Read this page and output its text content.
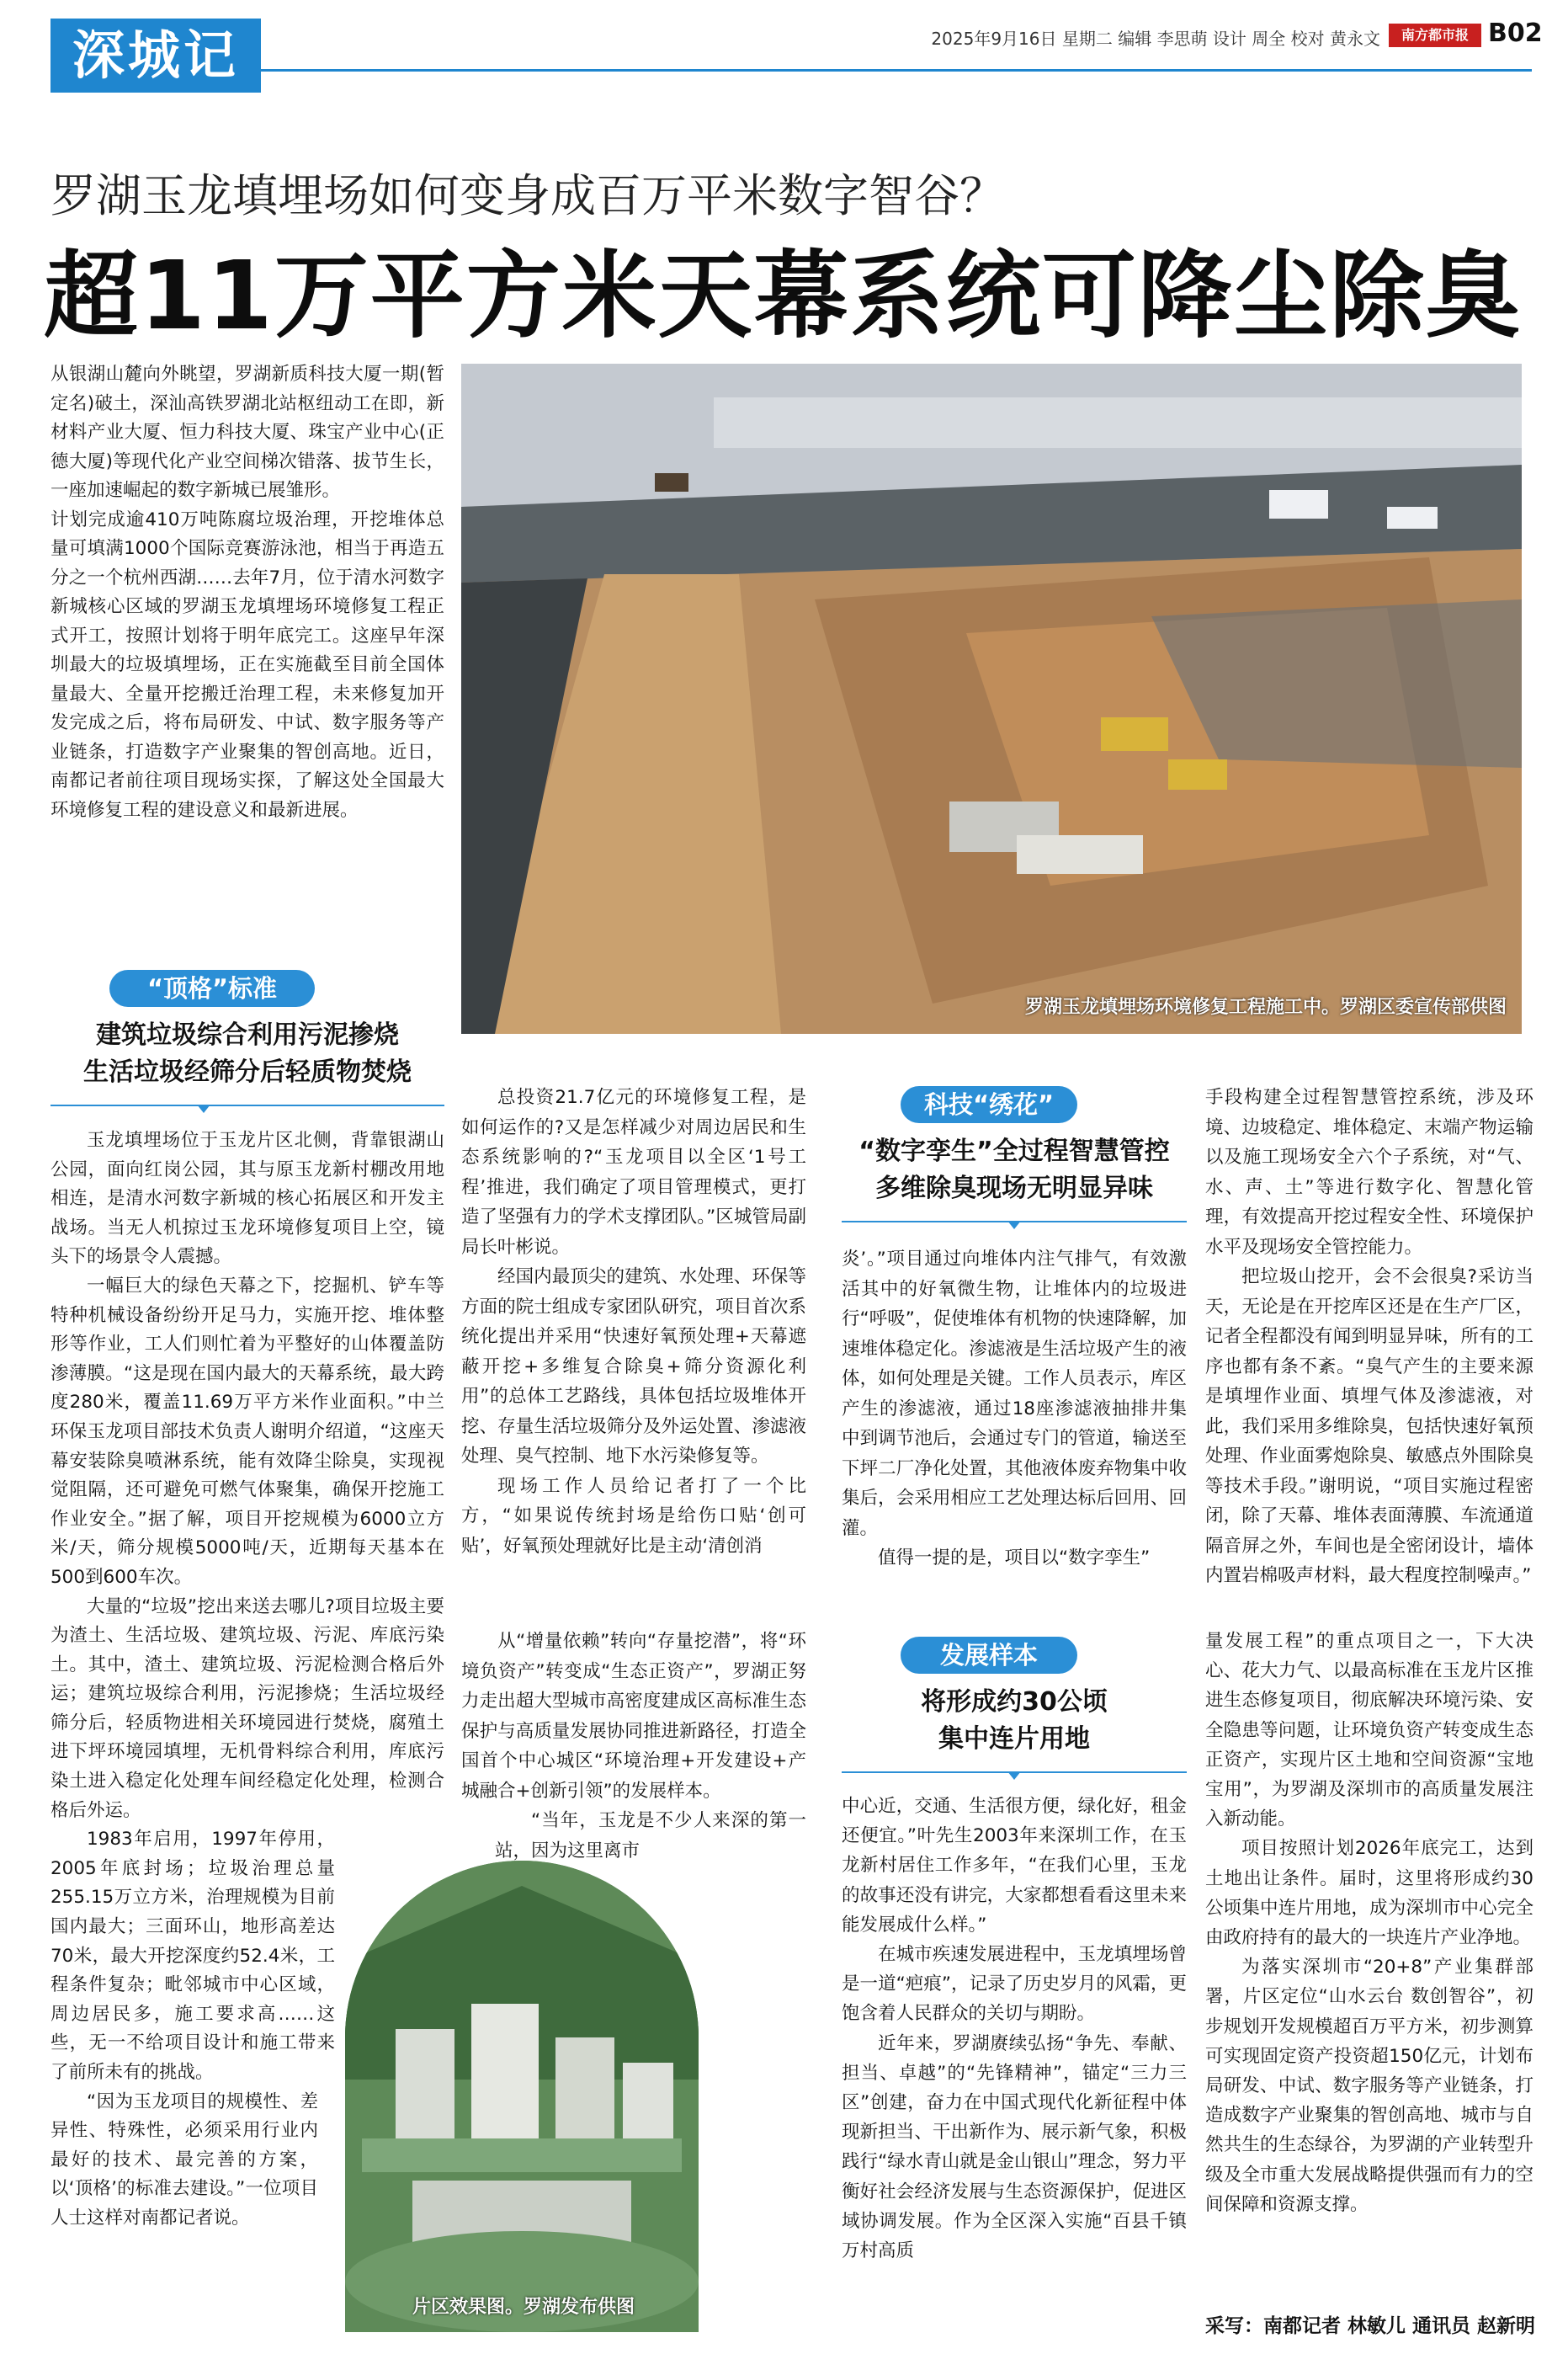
深城记	2025年9月16日 星期二 编辑 李思萌 设计 周全 校对 黄永文	南方都市报 B02
罗湖玉龙填埋场如何变身成百万平米数字智谷？
超11万平方米天幕系统可降尘除臭

从银湖山麓向外眺望，罗湖新质科技大厦一期(暂定名)破土，深汕高铁罗湖北站枢纽动工在即，新材料产业大厦、恒力科技大厦、珠宝产业中心(正德大厦)等现代化产业空间梯次错落、拔节生长，一座加速崛起的数字新城已展雏形。

计划完成逾410万吨陈腐垃圾治理，开挖堆体总量可填满1000个国际竞赛游泳池，相当于再造五分之一个杭州西湖……去年7月，位于清水河数字新城核心区域的罗湖玉龙填埋场环境修复工程正式开工，按照计划将于明年底完工。这座早年深圳最大的垃圾填埋场，正在实施截至目前全国体量最大、全量开挖搬迁治理工程，未来修复加开发完成之后，将布局研发、中试、数字服务等产业链条，打造数字产业聚集的智创高地。近日，南都记者前往项目现场实探，了解这处全国最大环境修复工程的建设意义和最新进展。

罗湖玉龙填埋场环境修复工程施工中。罗湖区委宣传部供图
“顶格”标准
建筑垃圾综合利用污泥掺烧
生活垃圾经筛分后轻质物焚烧

玉龙填埋场位于玉龙片区北侧，背靠银湖山公园，面向红岗公园，其与原玉龙新村棚改用地相连，是清水河数字新城的核心拓展区和开发主战场。当无人机掠过玉龙环境修复项目上空，镜头下的场景令人震撼。

一幅巨大的绿色天幕之下，挖掘机、铲车等特种机械设备纷纷开足马力，实施开挖、堆体整形等作业，工人们则忙着为平整好的山体覆盖防渗薄膜。“这是现在国内最大的天幕系统，最大跨度280米，覆盖11.69万平方米作业面积。”中兰环保玉龙项目部技术负责人谢明介绍道，“这座天幕安装除臭喷淋系统，能有效降尘除臭，实现视觉阻隔，还可避免可燃气体聚集，确保开挖施工作业安全。”据了解，项目开挖规模为6000立方米/天，筛分规模5000吨/天，近期每天基本在500到600车次。

大量的“垃圾”挖出来送去哪儿?项目垃圾主要为渣土、生活垃圾、建筑垃圾、污泥、库底污染土。其中，渣土、建筑垃圾、污泥检测合格后外运；建筑垃圾综合利用，污泥掺烧；生活垃圾经筛分后，轻质物进相关环境园进行焚烧，腐殖土进下坪环境园填埋，无机骨料综合利用，库底污染土进入稳定化处理车间经稳定化处理，检测合格后外运。

1983年启用，1997年停用，2005年底封场；垃圾治理总量255.15万立方米，治理规模为目前国内最大；三面环山，地形高差达70米，最大开挖深度约52.4米，工程条件复杂；毗邻城市中心区域，周边居民多，施工要求高……这些，无一不给项目设计和施工带来了前所未有的挑战。

“因为玉龙项目的规模性、差异性、特殊性，必须采用行业内最好的技术、最完善的方案，以‘顶格’的标准去建设。”一位项目人士这样对南都记者说。

总投资21.7亿元的环境修复工程，是如何运作的?又是怎样减少对周边居民和生态系统影响的?“玉龙项目以全区‘1号工程’推进，我们确定了项目管理模式，更打造了坚强有力的学术支撑团队。”区城管局副局长叶彬说。

经国内最顶尖的建筑、水处理、环保等方面的院士组成专家团队研究，项目首次系统化提出并采用“快速好氧预处理+天幕遮蔽开挖+多维复合除臭+筛分资源化利用”的总体工艺路线，具体包括垃圾堆体开挖、存量生活垃圾筛分及外运处置、渗滤液处理、臭气控制、地下水污染修复等。

现场工作人员给记者打了一个比方，“如果说传统封场是给伤口贴‘创可贴’，好氧预处理就好比是主动‘清创消

科技“绣花”
“数字孪生”全过程智慧管控
多维除臭现场无明显异味

炎’。”项目通过向堆体内注气排气，有效激活其中的好氧微生物，让堆体内的垃圾进行“呼吸”，促使堆体有机物的快速降解，加速堆体稳定化。渗滤液是生活垃圾产生的液体，如何处理是关键。工作人员表示，库区产生的渗滤液，通过18座渗滤液抽排井集中到调节池后，会通过专门的管道，输送至下坪二厂净化处置，其他液体废弃物集中收集后，会采用相应工艺处理达标后回用、回灌。

值得一提的是，项目以“数字孪生”

手段构建全过程智慧管控系统，涉及环境、边坡稳定、堆体稳定、末端产物运输以及施工现场安全六个子系统，对“气、水、声、土”等进行数字化、智慧化管理，有效提高开挖过程安全性、环境保护水平及现场安全管控能力。

把垃圾山挖开，会不会很臭?采访当天，无论是在开挖库区还是在生产厂区，记者全程都没有闻到明显异味，所有的工序也都有条不紊。“臭气产生的主要来源是填埋作业面、填埋气体及渗滤液，对此，我们采用多维除臭，包括快速好氧预处理、作业面雾炮除臭、敏感点外围除臭等技术手段。”谢明说，“项目实施过程密闭，除了天幕、堆体表面薄膜、车流通道隔音屏之外，车间也是全密闭设计，墙体内置岩棉吸声材料，最大程度控制噪声。”

从“增量依赖”转向“存量挖潜”，将“环境负资产”转变成“生态正资产”，罗湖正努力走出超大型城市高密度建成区高标准生态保护与高质量发展协同推进新路径，打造全国首个中心城区“环境治理+开发建设+产城融合+创新引领”的发展样本。

“当年，玉龙是不少人来深的第一站，因为这里离市

发展样本
将形成约30公顷
集中连片用地

中心近，交通、生活很方便，绿化好，租金还便宜。”叶先生2003年来深圳工作，在玉龙新村居住工作多年，“在我们心里，玉龙的故事还没有讲完，大家都想看看这里未来能发展成什么样。”

在城市疾速发展进程中，玉龙填埋场曾是一道“疤痕”，记录了历史岁月的风霜，更饱含着人民群众的关切与期盼。

近年来，罗湖赓续弘扬“争先、奉献、担当、卓越”的“先锋精神”，锚定“三力三区”创建，奋力在中国式现代化新征程中体现新担当、干出新作为、展示新气象，积极践行“绿水青山就是金山银山”理念，努力平衡好社会经济发展与生态资源保护，促进区域协调发展。作为全区深入实施“百县千镇万村高质

量发展工程”的重点项目之一，下大决心、花大力气、以最高标准在玉龙片区推进生态修复项目，彻底解决环境污染、安全隐患等问题，让环境负资产转变成生态正资产，实现片区土地和空间资源“宝地宝用”，为罗湖及深圳市的高质量发展注入新动能。

项目按照计划2026年底完工，达到土地出让条件。届时，这里将形成约30公顷集中连片用地，成为深圳市中心完全由政府持有的最大的一块连片产业净地。

为落实深圳市“20+8”产业集群部署，片区定位“山水云台 数创智谷”，初步规划开发规模超百万平方米，初步测算可实现固定资产投资超150亿元，计划布局研发、中试、数字服务等产业链条，打造成数字产业聚集的智创高地、城市与自然共生的生态绿谷，为罗湖的产业转型升级及全市重大发展战略提供强而有力的空间保障和资源支撑。

片区效果图。罗湖发布供图
采写：南都记者 林敏儿 通讯员 赵新明
